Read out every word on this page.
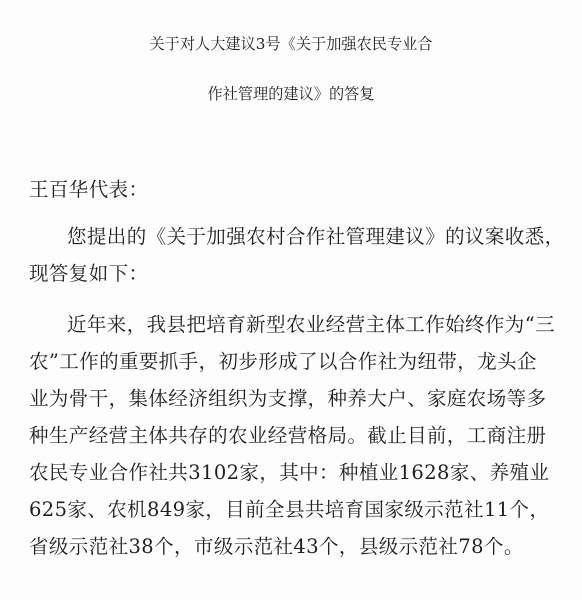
关于对人大建议3号《关于加强农民专业合
作社管理的建议》的答复
王百华代表：
您提出的《关于加强农村合作社管理建议》的议案收悉，
现答复如下：
近年来，我县把培育新型农业经营主体工作始终作为“三
农”工作的重要抓手，初步形成了以合作社为纽带，龙头企
业为骨干，集体经济组织为支撑，种养大户、家庭农场等多
种生产经营主体共存的农业经营格局。截止目前，工商注册
农民专业合作社共3102家，其中：种植业1628家、养殖业
625家、农机849家，目前全县共培育国家级示范社11个，
省级示范社38个，市级示范社43个，县级示范社78个。
